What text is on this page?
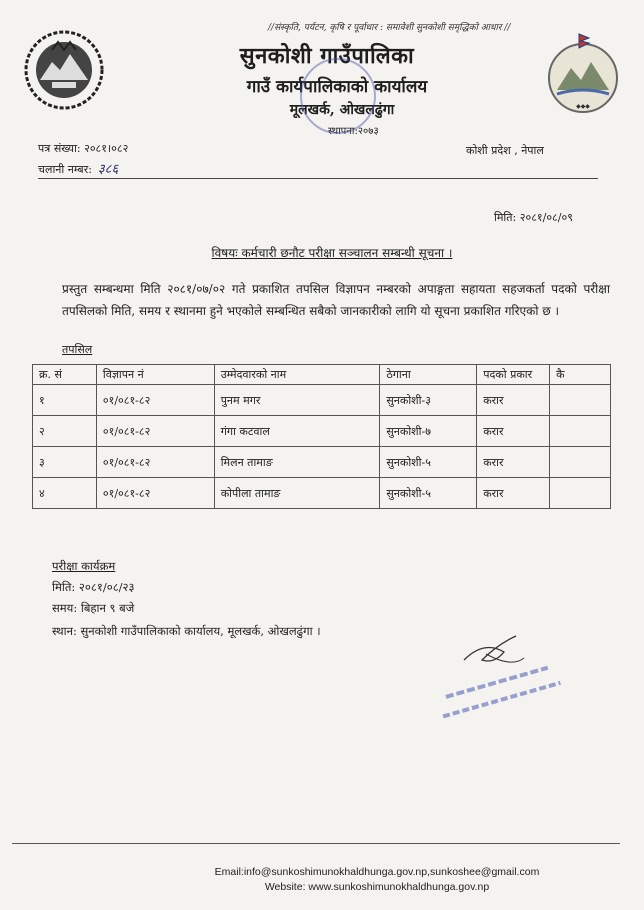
//संस्कृति, पर्यटन, कृषि र पूर्वाधार : समावेशी सुनकोशी समृद्धिको आधार //
◆◆◆
सुनकोशी गाउँपालिका
गाउँ कार्यपालिकाको कार्यालय
मूलखर्क, ओखलढुंगा
स्थापना:२०७३
पत्र संख्या: २०८१।०८२
चलानी नम्बर: ३८६
कोशी प्रदेश , नेपाल
मिति: २०८१/०८/०९
विषयः कर्मचारी छनौट परीक्षा सञ्चालन सम्बन्धी सूचना ।
प्रस्तुत सम्बन्धमा मिति २०८१/०७/०२ गते प्रकाशित तपसिल विज्ञापन नम्बरको अपाङ्गता सहायता सहजकर्ता पदको परीक्षा तपसिलको मिति, समय र स्थानमा हुने भएकोले सम्बन्धित सबैको जानकारीको लागि यो सूचना प्रकाशित गरिएको छ ।
तपसिल
क्र. सं	विज्ञापन नं	उम्मेदवारको नाम	ठेगाना	पदको प्रकार	कै
१	०१/०८१-८२	पुनम मगर	सुनकोशी-३	करार	
२	०१/०८१-८२	गंगा कटवाल	सुनकोशी-७	करार	
३	०१/०८१-८२	मिलन तामाङ	सुनकोशी-५	करार	
४	०१/०८१-८२	कोपीला तामाङ	सुनकोशी-५	करार	
परीक्षा कार्यक्रम
मिति: २०८१/०८/२३
समय: बिहान ९ बजे
स्थान: सुनकोशी गाउँपालिकाको कार्यालय, मूलखर्क, ओखलढुंगा ।
Email:info@sunkoshimunokhaldhunga.gov.np,sunkoshee@gmail.com
Website: www.sunkoshimunokhaldhunga.gov.np
